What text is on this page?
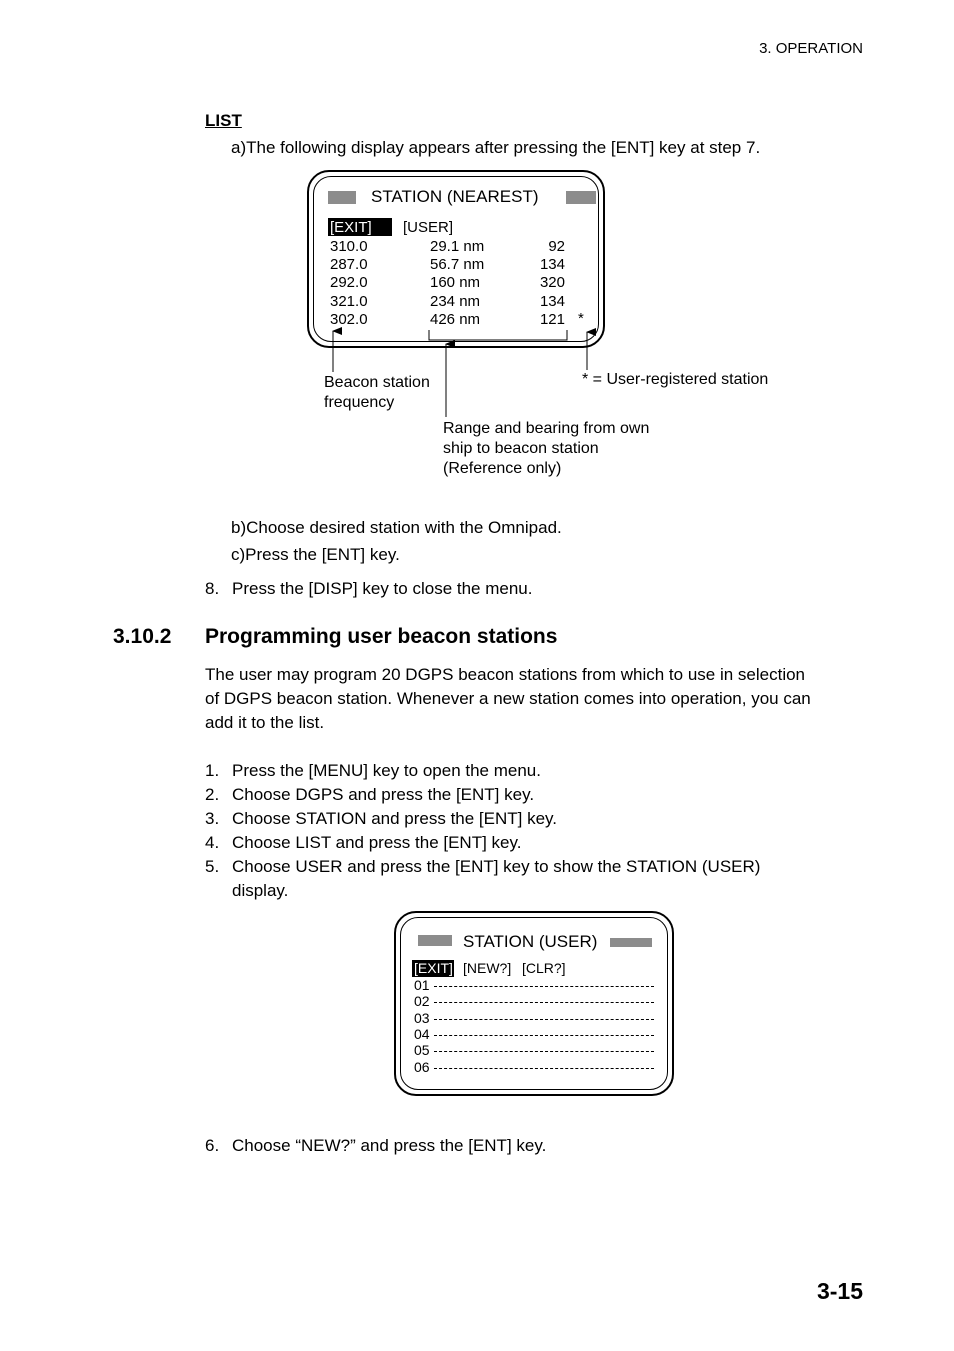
3. OPERATION
LIST
a)The following display appears after pressing the [ENT] key at step 7.
STATION (NEAREST)
[EXIT] [USER]
310.0	29.1 nm	92
287.0	56.7 nm	134
292.0	160 nm	320
321.0	234 nm	134
302.0	426 nm	121 *
Beacon station
frequency
* = User-registered station
Range and bearing from own
ship to beacon station
(Reference only)
b)Choose desired station with the Omnipad.
c)Press the [ENT] key.
8. Press the [DISP] key to close the menu.
3.10.2 Programming user beacon stations
The user may program 20 DGPS beacon stations from which to use in selection
of DGPS beacon station. Whenever a new station comes into operation, you can
add it to the list.
1. Press the [MENU] key to open the menu.
2. Choose DGPS and press the [ENT] key.
3. Choose STATION and press the [ENT] key.
4. Choose LIST and press the [ENT] key.
5. Choose USER and press the [ENT] key to show the STATION (USER)
display.
STATION (USER)
[EXIT] [NEW?] [CLR?]
01
02
03
04
05
06
6. Choose “NEW?” and press the [ENT] key.
3-15
